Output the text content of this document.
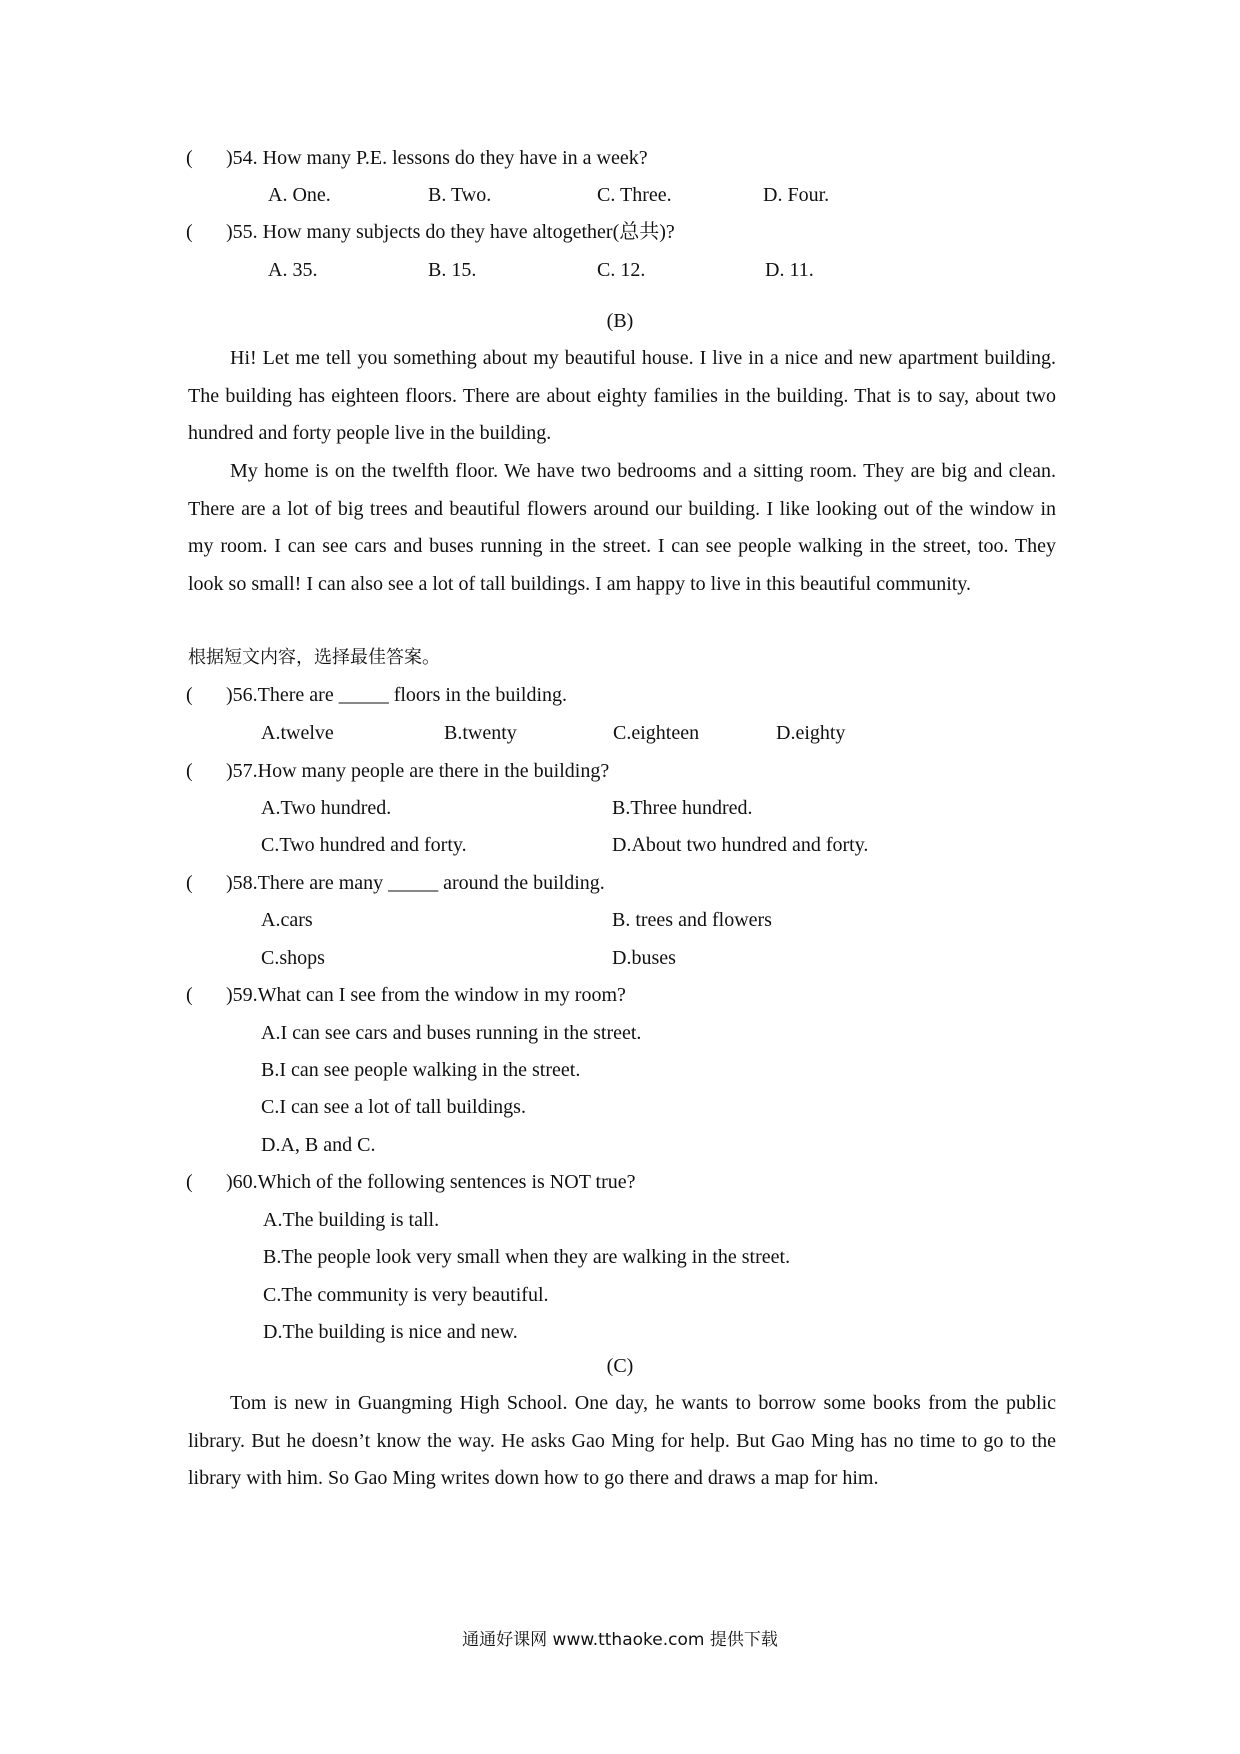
( )54. How many P.E. lessons do they have in a week?
A. One.	B. Two.	C. Three.	D. Four.
( )55. How many subjects do they have altogether(总共)?
A. 35.	B. 15.	C. 12.	D. 11.
(B)
Hi! Let me tell you something about my beautiful house. I live in a nice and new apartment building. The building has eighteen floors. There are about eighty families in the building. That is to say, about two hundred and forty people live in the building.
My home is on the twelfth floor. We have two bedrooms and a sitting room. They are big and clean. There are a lot of big trees and beautiful flowers around our building. I like looking out of the window in my room. I can see cars and buses running in the street. I can see people walking in the street, too. They look so small! I can also see a lot of tall buildings. I am happy to live in this beautiful community.
根据短文内容，选择最佳答案。
( )56.There are _____ floors in the building.
A.twelve	B.twenty	C.eighteen	D.eighty
( )57.How many people are there in the building?
A.Two hundred.	B.Three hundred.
C.Two hundred and forty.	D.About two hundred and forty.
( )58.There are many _____ around the building.
A.cars	B. trees and flowers
C.shops	D.buses
( )59.What can I see from the window in my room?
A.I can see cars and buses running in the street.
B.I can see people walking in the street.
C.I can see a lot of tall buildings.
D.A, B and C.
( )60.Which of the following sentences is NOT true?
A.The building is tall.
B.The people look very small when they are walking in the street.
C.The community is very beautiful.
D.The building is nice and new.
(C)
Tom is new in Guangming High School. One day, he wants to borrow some books from the public library. But he doesn’t know the way. He asks Gao Ming for help. But Gao Ming has no time to go to the library with him. So Gao Ming writes down how to go there and draws a map for him.
通通好课网 www.tthaoke.com 提供下载
